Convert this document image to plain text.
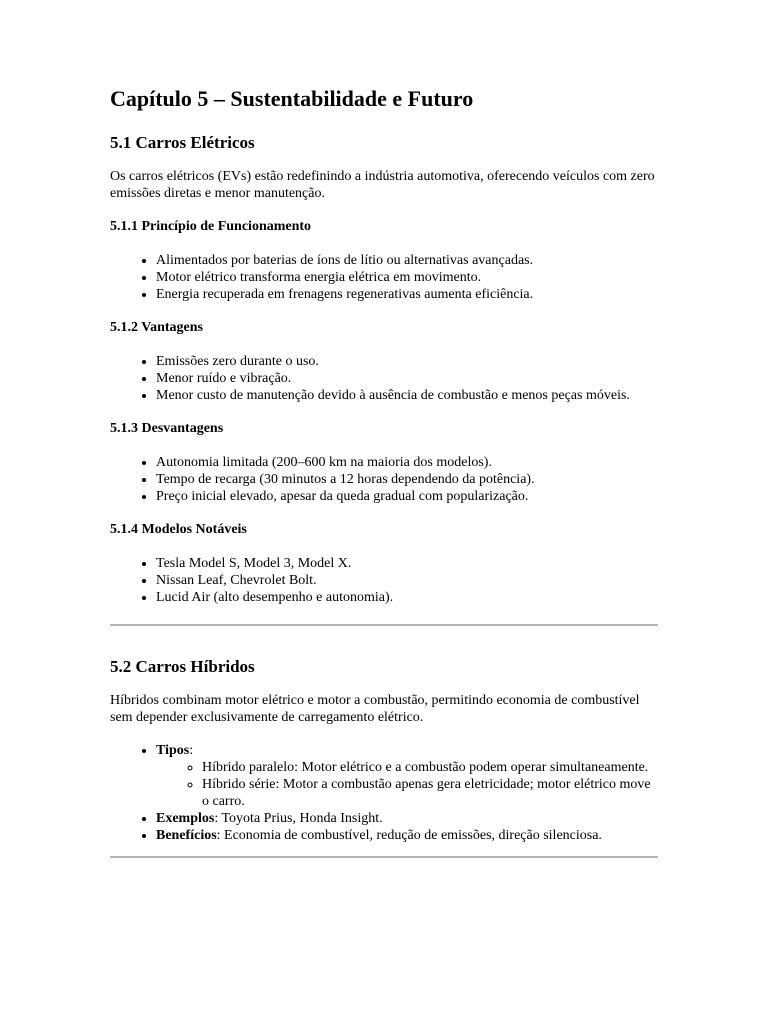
Capítulo 5 – Sustentabilidade e Futuro
5.1 Carros Elétricos

Os carros elétricos (EVs) estão redefinindo a indústria automotiva, oferecendo veículos com zero emissões diretas e menor manutenção.

5.1.1 Princípio de Funcionamento
• Alimentados por baterias de íons de lítio ou alternativas avançadas.
• Motor elétrico transforma energia elétrica em movimento.
• Energia recuperada em frenagens regenerativas aumenta eficiência.
5.1.2 Vantagens
• Emissões zero durante o uso.
• Menor ruído e vibração.
• Menor custo de manutenção devido à ausência de combustão e menos peças móveis.
5.1.3 Desvantagens
• Autonomia limitada (200–600 km na maioria dos modelos).
• Tempo de recarga (30 minutos a 12 horas dependendo da potência).
• Preço inicial elevado, apesar da queda gradual com popularização.
5.1.4 Modelos Notáveis
• Tesla Model S, Model 3, Model X.
• Nissan Leaf, Chevrolet Bolt.
• Lucid Air (alto desempenho e autonomia).
5.2 Carros Híbridos

Híbridos combinam motor elétrico e motor a combustão, permitindo economia de combustível sem depender exclusivamente de carregamento elétrico.

• Tipos:
◦ Híbrido paralelo: Motor elétrico e a combustão podem operar simultaneamente.
◦ Híbrido série: Motor a combustão apenas gera eletricidade; motor elétrico move o carro.
• Exemplos: Toyota Prius, Honda Insight.
• Benefícios: Economia de combustível, redução de emissões, direção silenciosa.
